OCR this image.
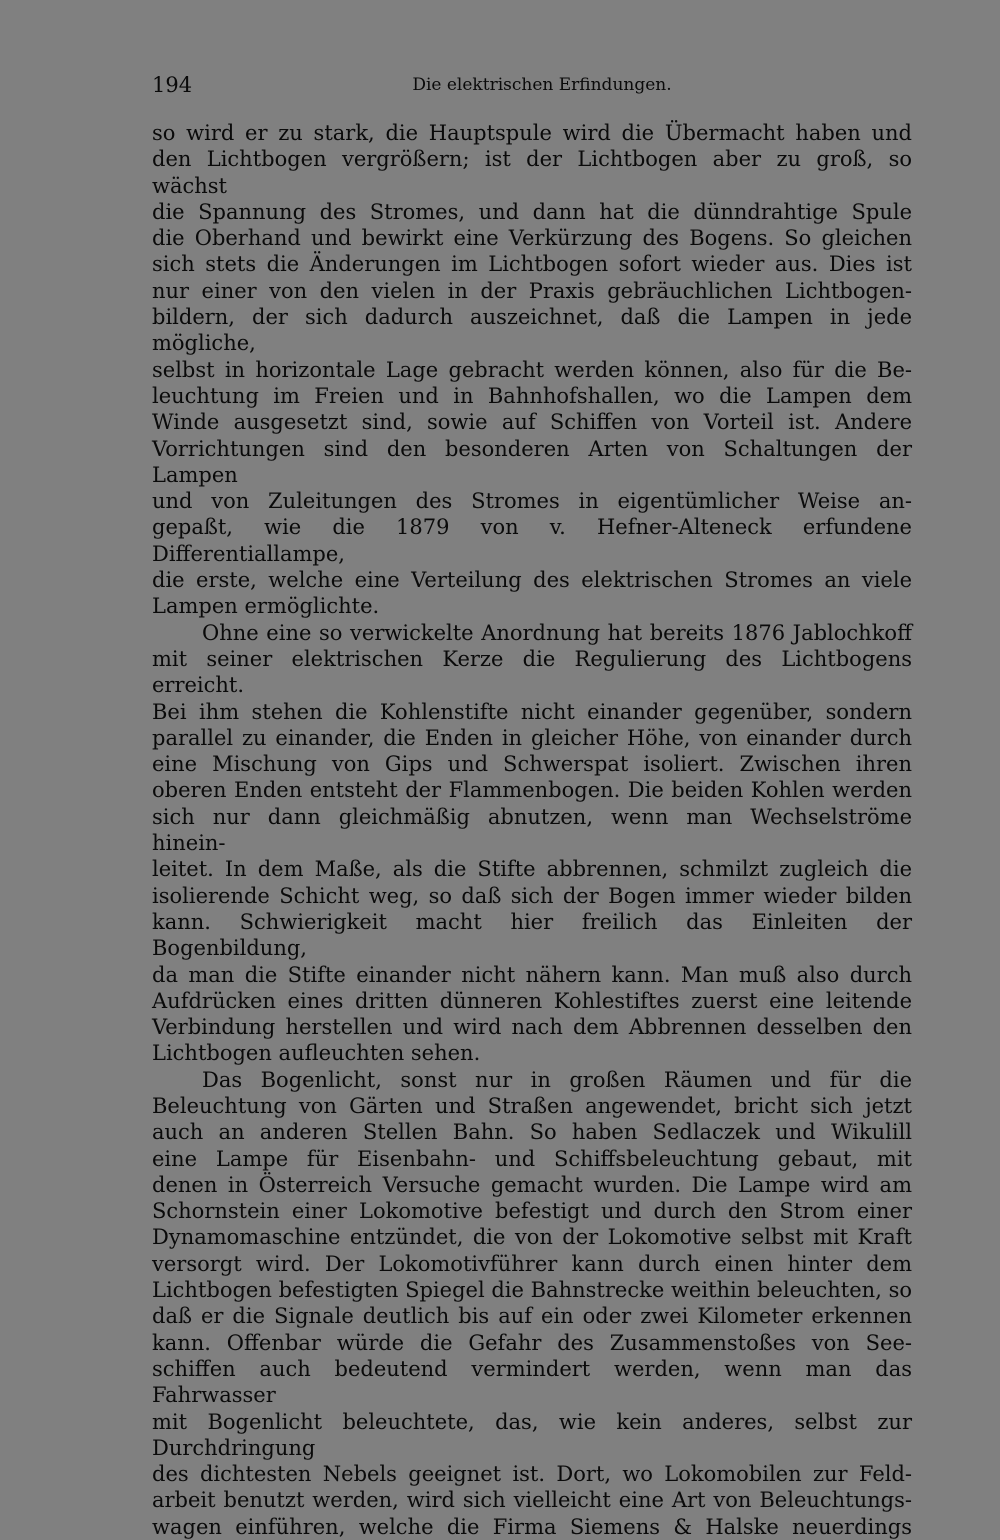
194	Die elektrischen Erfindungen.

so wird er zu stark, die Hauptspule wird die Übermacht haben und

den Lichtbogen vergrößern; ist der Lichtbogen aber zu groß, so wächst

die Spannung des Stromes, und dann hat die dünndrahtige Spule

die Oberhand und bewirkt eine Verkürzung des Bogens. So gleichen

sich stets die Änderungen im Lichtbogen sofort wieder aus. Dies ist

nur einer von den vielen in der Praxis gebräuchlichen Lichtbogen-

bildern, der sich dadurch auszeichnet, daß die Lampen in jede mögliche,

selbst in horizontale Lage gebracht werden können, also für die Be-

leuchtung im Freien und in Bahnhofshallen, wo die Lampen dem

Winde ausgesetzt sind, sowie auf Schiffen von Vorteil ist. Andere

Vorrichtungen sind den besonderen Arten von Schaltungen der Lampen

und von Zuleitungen des Stromes in eigentümlicher Weise an-

gepaßt, wie die 1879 von v. Hefner-Alteneck erfundene Differentiallampe,

die erste, welche eine Verteilung des elektrischen Stromes an viele

Lampen ermöglichte.

Ohne eine so verwickelte Anordnung hat bereits 1876 Jablochkoff

mit seiner elektrischen Kerze die Regulierung des Lichtbogens erreicht.

Bei ihm stehen die Kohlenstifte nicht einander gegenüber, sondern

parallel zu einander, die Enden in gleicher Höhe, von einander durch

eine Mischung von Gips und Schwerspat isoliert. Zwischen ihren

oberen Enden entsteht der Flammenbogen. Die beiden Kohlen werden

sich nur dann gleichmäßig abnutzen, wenn man Wechselströme hinein-

leitet. In dem Maße, als die Stifte abbrennen, schmilzt zugleich die

isolierende Schicht weg, so daß sich der Bogen immer wieder bilden

kann. Schwierigkeit macht hier freilich das Einleiten der Bogenbildung,

da man die Stifte einander nicht nähern kann. Man muß also durch

Aufdrücken eines dritten dünneren Kohlestiftes zuerst eine leitende

Verbindung herstellen und wird nach dem Abbrennen desselben den

Lichtbogen aufleuchten sehen.

Das Bogenlicht, sonst nur in großen Räumen und für die

Beleuchtung von Gärten und Straßen angewendet, bricht sich jetzt

auch an anderen Stellen Bahn. So haben Sedlaczek und Wikulill

eine Lampe für Eisenbahn- und Schiffsbeleuchtung gebaut, mit

denen in Österreich Versuche gemacht wurden. Die Lampe wird am

Schornstein einer Lokomotive befestigt und durch den Strom einer

Dynamomaschine entzündet, die von der Lokomotive selbst mit Kraft

versorgt wird. Der Lokomotivführer kann durch einen hinter dem

Lichtbogen befestigten Spiegel die Bahnstrecke weithin beleuchten, so

daß er die Signale deutlich bis auf ein oder zwei Kilometer erkennen

kann. Offenbar würde die Gefahr des Zusammenstoßes von See-

schiffen auch bedeutend vermindert werden, wenn man das Fahrwasser

mit Bogenlicht beleuchtete, das, wie kein anderes, selbst zur Durchdringung

des dichtesten Nebels geeignet ist. Dort, wo Lokomobilen zur Feld-

arbeit benutzt werden, wird sich vielleicht eine Art von Beleuchtungs-

wagen einführen, welche die Firma Siemens & Halske neuerdings
